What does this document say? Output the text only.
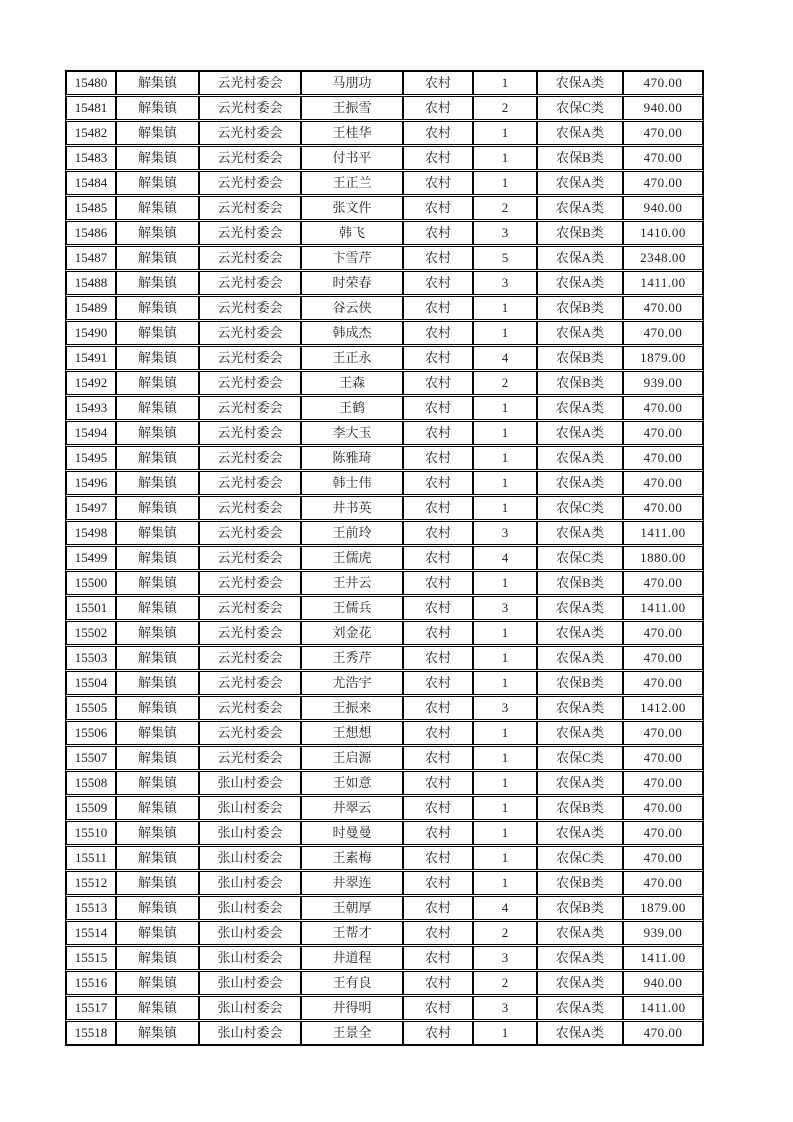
15480	解集镇	云光村委会	马朋功	农村	1	农保A类	470.00
15481	解集镇	云光村委会	王振雪	农村	2	农保C类	940.00
15482	解集镇	云光村委会	王桂华	农村	1	农保A类	470.00
15483	解集镇	云光村委会	付书平	农村	1	农保B类	470.00
15484	解集镇	云光村委会	王正兰	农村	1	农保A类	470.00
15485	解集镇	云光村委会	张文件	农村	2	农保A类	940.00
15486	解集镇	云光村委会	韩飞	农村	3	农保B类	1410.00
15487	解集镇	云光村委会	卞雪芹	农村	5	农保A类	2348.00
15488	解集镇	云光村委会	时荣春	农村	3	农保A类	1411.00
15489	解集镇	云光村委会	谷云侠	农村	1	农保B类	470.00
15490	解集镇	云光村委会	韩成杰	农村	1	农保A类	470.00
15491	解集镇	云光村委会	王正永	农村	4	农保B类	1879.00
15492	解集镇	云光村委会	王森	农村	2	农保B类	939.00
15493	解集镇	云光村委会	王鹤	农村	1	农保A类	470.00
15494	解集镇	云光村委会	李大玉	农村	1	农保A类	470.00
15495	解集镇	云光村委会	陈雅琦	农村	1	农保A类	470.00
15496	解集镇	云光村委会	韩士伟	农村	1	农保A类	470.00
15497	解集镇	云光村委会	井书英	农村	1	农保C类	470.00
15498	解集镇	云光村委会	王前玲	农村	3	农保A类	1411.00
15499	解集镇	云光村委会	王儒虎	农村	4	农保C类	1880.00
15500	解集镇	云光村委会	王井云	农村	1	农保B类	470.00
15501	解集镇	云光村委会	王儒兵	农村	3	农保A类	1411.00
15502	解集镇	云光村委会	刘金花	农村	1	农保A类	470.00
15503	解集镇	云光村委会	王秀芹	农村	1	农保A类	470.00
15504	解集镇	云光村委会	尤浩宇	农村	1	农保B类	470.00
15505	解集镇	云光村委会	王振来	农村	3	农保A类	1412.00
15506	解集镇	云光村委会	王想想	农村	1	农保A类	470.00
15507	解集镇	云光村委会	王启源	农村	1	农保C类	470.00
15508	解集镇	张山村委会	王如意	农村	1	农保A类	470.00
15509	解集镇	张山村委会	井翠云	农村	1	农保B类	470.00
15510	解集镇	张山村委会	时曼曼	农村	1	农保A类	470.00
15511	解集镇	张山村委会	王素梅	农村	1	农保C类	470.00
15512	解集镇	张山村委会	井翠连	农村	1	农保B类	470.00
15513	解集镇	张山村委会	王朝厚	农村	4	农保B类	1879.00
15514	解集镇	张山村委会	王帮才	农村	2	农保A类	939.00
15515	解集镇	张山村委会	井道程	农村	3	农保A类	1411.00
15516	解集镇	张山村委会	王有良	农村	2	农保A类	940.00
15517	解集镇	张山村委会	井得明	农村	3	农保A类	1411.00
15518	解集镇	张山村委会	王景全	农村	1	农保A类	470.00
